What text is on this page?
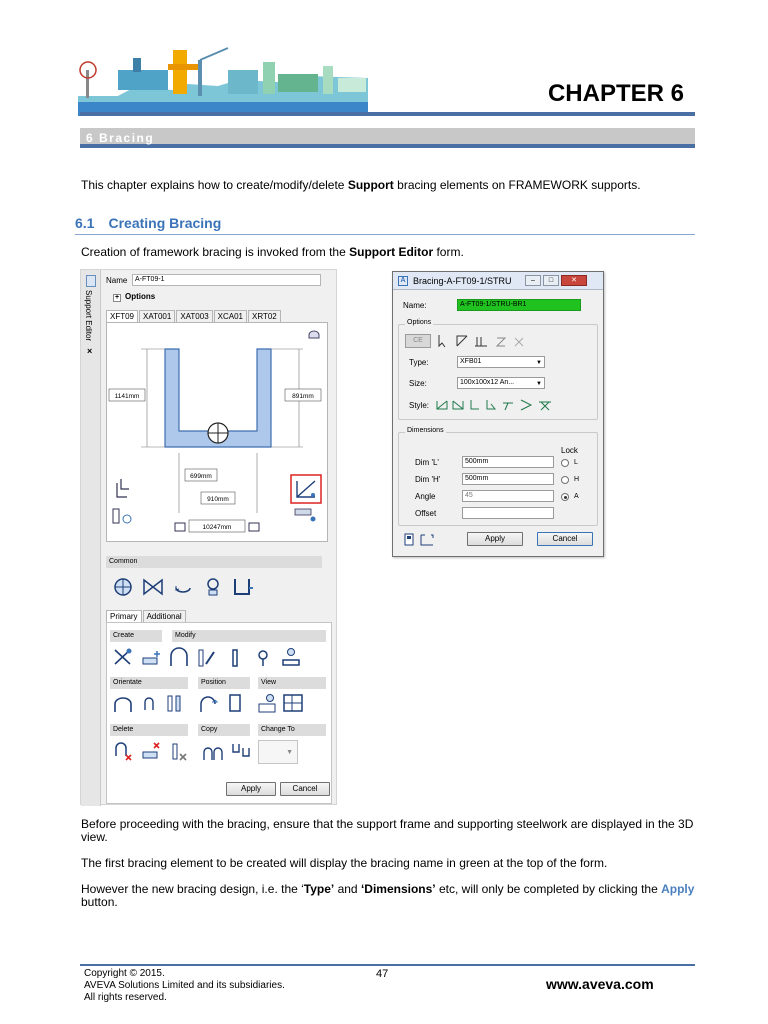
CHAPTER 6
6 Bracing
This chapter explains how to create/modify/delete Support bracing elements on FRAMEWORK supports.
6.1 Creating Bracing
Creation of framework bracing is invoked from the Support Editor form.
Support Editor
×
Name	A-FT09-1
+ Options
XFT09	XAT001	XAT003	XCA01	XRT02
1141mm	891mm
699mm
910mm
10247mm
Common
Primary	Additional
Create	Modify
Orientate	Position	View
Delete	Copy	Change To
▼
Apply	Cancel
A Bracing-A-FT09-1/STRU	–	□	✕
Name:	A-FT09-1/STRU-BR1
Options
CE
Type:	XFB01	▼
Size:	100x100x12 An...	▼
Style:
Dimensions
Lock
Dim 'L'	500mm	L
Dim 'H'	500mm	H
Angle	45	A
Offset
Apply	Cancel
Before proceeding with the bracing, ensure that the support frame and supporting steelwork are displayed in the 3D view.
The first bracing element to be created will display the bracing name in green at the top of the form.
However the new bracing design, i.e. the ‘Type’ and ‘Dimensions’ etc, will only be completed by clicking the Apply button.
Copyright © 2015.
AVEVA Solutions Limited and its subsidiaries.
All rights reserved.
47
www.aveva.com
